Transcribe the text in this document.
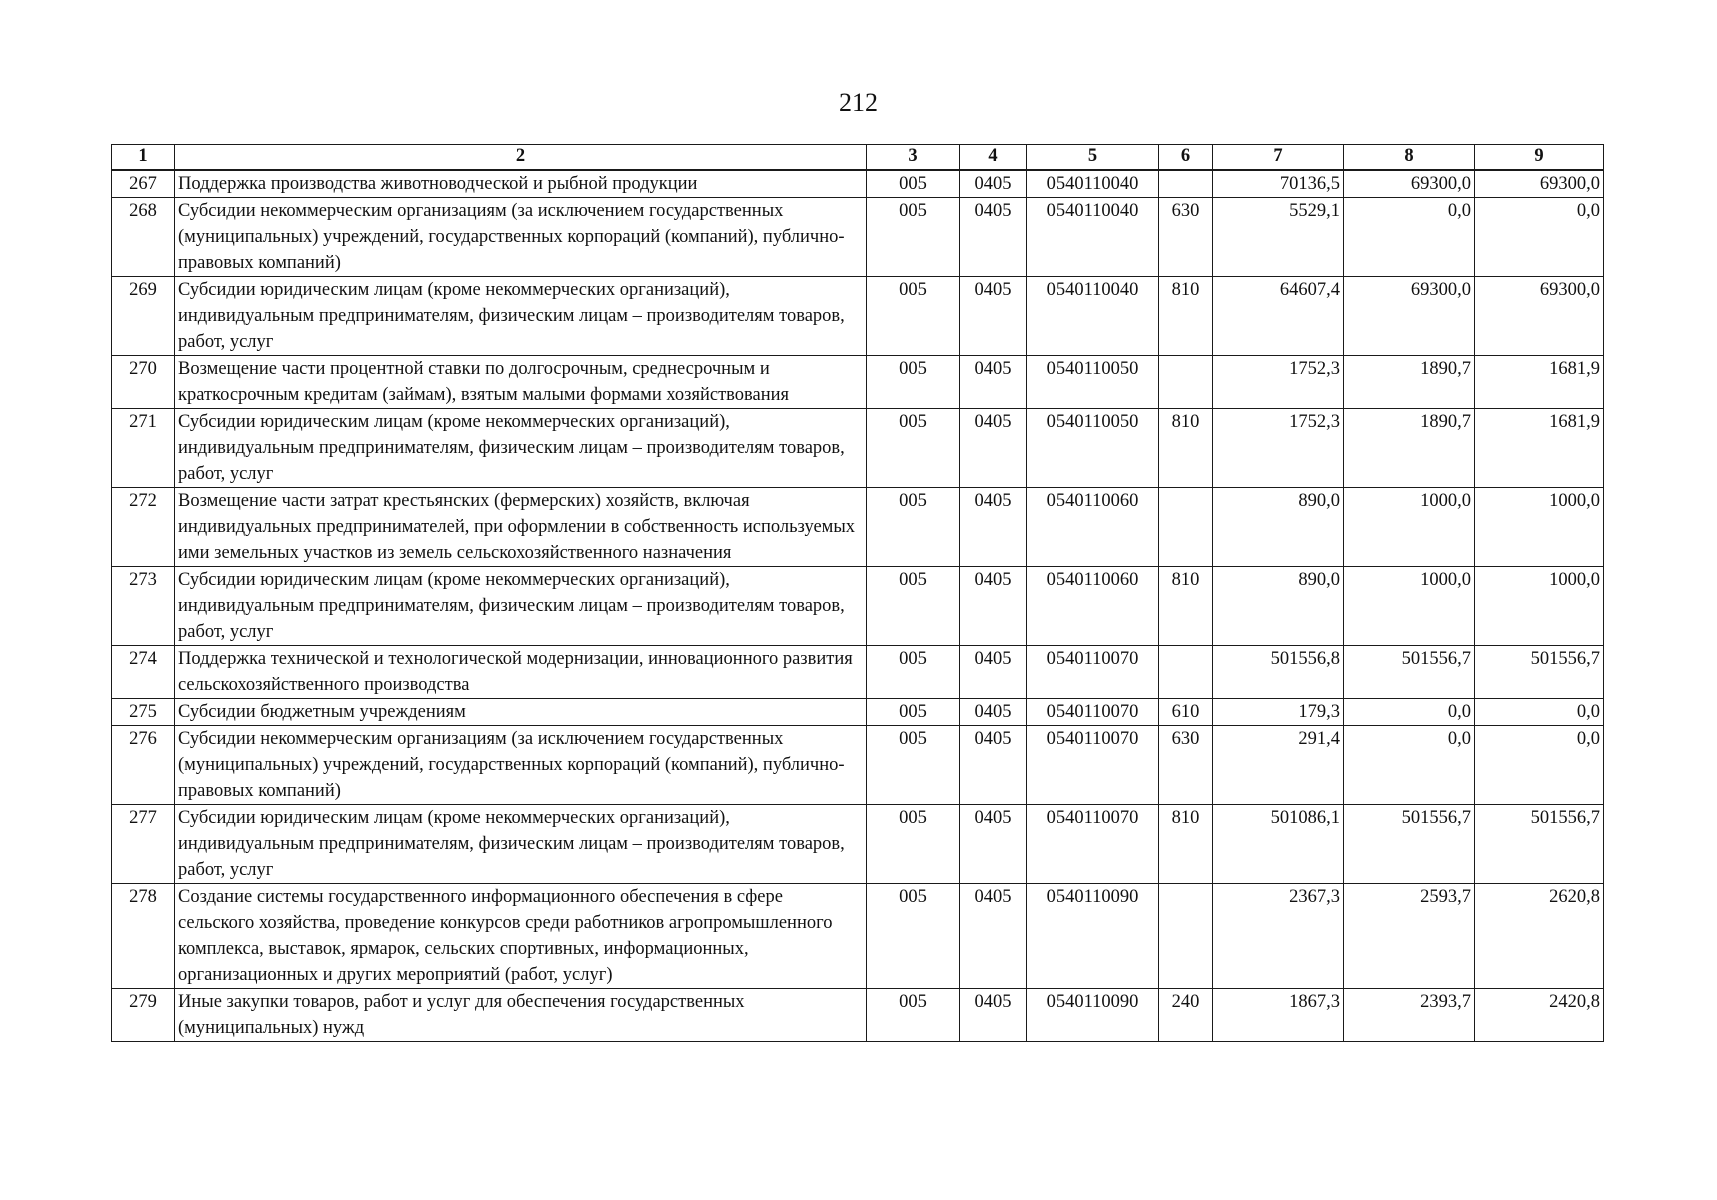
212
1	2	3	4	5	6	7	8	9
267	Поддержка производства животноводческой и рыбной продукции	005	0405	0540110040		70136,5	69300,0	69300,0
268	Субсидии некоммерческим организациям (за исключением государственных (муниципальных) учреждений, государственных корпораций (компаний), публично-правовых компаний)	005	0405	0540110040	630	5529,1	0,0	0,0
269	Субсидии юридическим лицам (кроме некоммерческих организаций), индивидуальным предпринимателям, физическим лицам – производителям товаров, работ, услуг	005	0405	0540110040	810	64607,4	69300,0	69300,0
270	Возмещение части процентной ставки по долгосрочным, среднесрочным и краткосрочным кредитам (займам), взятым малыми формами хозяйствования	005	0405	0540110050		1752,3	1890,7	1681,9
271	Субсидии юридическим лицам (кроме некоммерческих организаций), индивидуальным предпринимателям, физическим лицам – производителям товаров, работ, услуг	005	0405	0540110050	810	1752,3	1890,7	1681,9
272	Возмещение части затрат крестьянских (фермерских) хозяйств, включая индивидуальных предпринимателей, при оформлении в собственность используемых ими земельных участков из земель сельскохозяйственного назначения	005	0405	0540110060		890,0	1000,0	1000,0
273	Субсидии юридическим лицам (кроме некоммерческих организаций), индивидуальным предпринимателям, физическим лицам – производителям товаров, работ, услуг	005	0405	0540110060	810	890,0	1000,0	1000,0
274	Поддержка технической и технологической модернизации, инновационного развития сельскохозяйственного производства	005	0405	0540110070		501556,8	501556,7	501556,7
275	Субсидии бюджетным учреждениям	005	0405	0540110070	610	179,3	0,0	0,0
276	Субсидии некоммерческим организациям (за исключением государственных (муниципальных) учреждений, государственных корпораций (компаний), публично-правовых компаний)	005	0405	0540110070	630	291,4	0,0	0,0
277	Субсидии юридическим лицам (кроме некоммерческих организаций), индивидуальным предпринимателям, физическим лицам – производителям товаров, работ, услуг	005	0405	0540110070	810	501086,1	501556,7	501556,7
278	Создание системы государственного информационного обеспечения в сфере сельского хозяйства, проведение конкурсов среди работников агропромышленного комплекса, выставок, ярмарок, сельских спортивных, информационных, организационных и других мероприятий (работ, услуг)	005	0405	0540110090		2367,3	2593,7	2620,8
279	Иные закупки товаров, работ и услуг для обеспечения государственных (муниципальных) нужд	005	0405	0540110090	240	1867,3	2393,7	2420,8
